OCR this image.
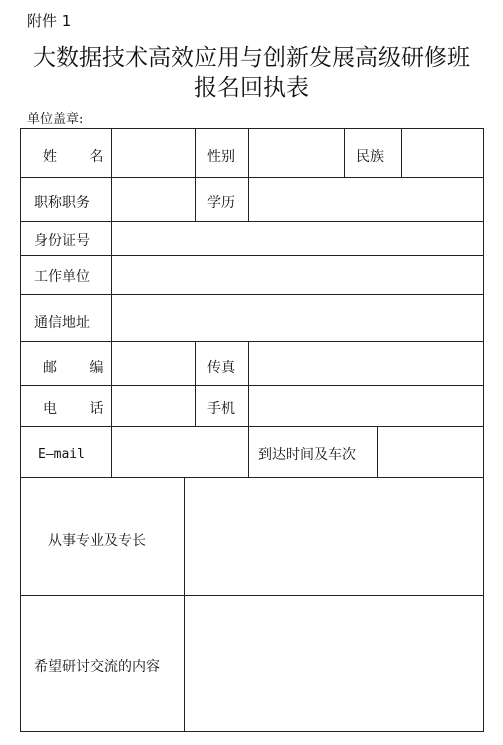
附件 1
大数据技术高效应用与创新发展高级研修班
报名回执表
单位盖章:
姓 名	性别	民族
职称职务	学历
身份证号
工作单位
通信地址
邮 编	传真
电 话	手机
E—mail	到达时间及车次
从事专业及专长
希望研讨交流的内容
